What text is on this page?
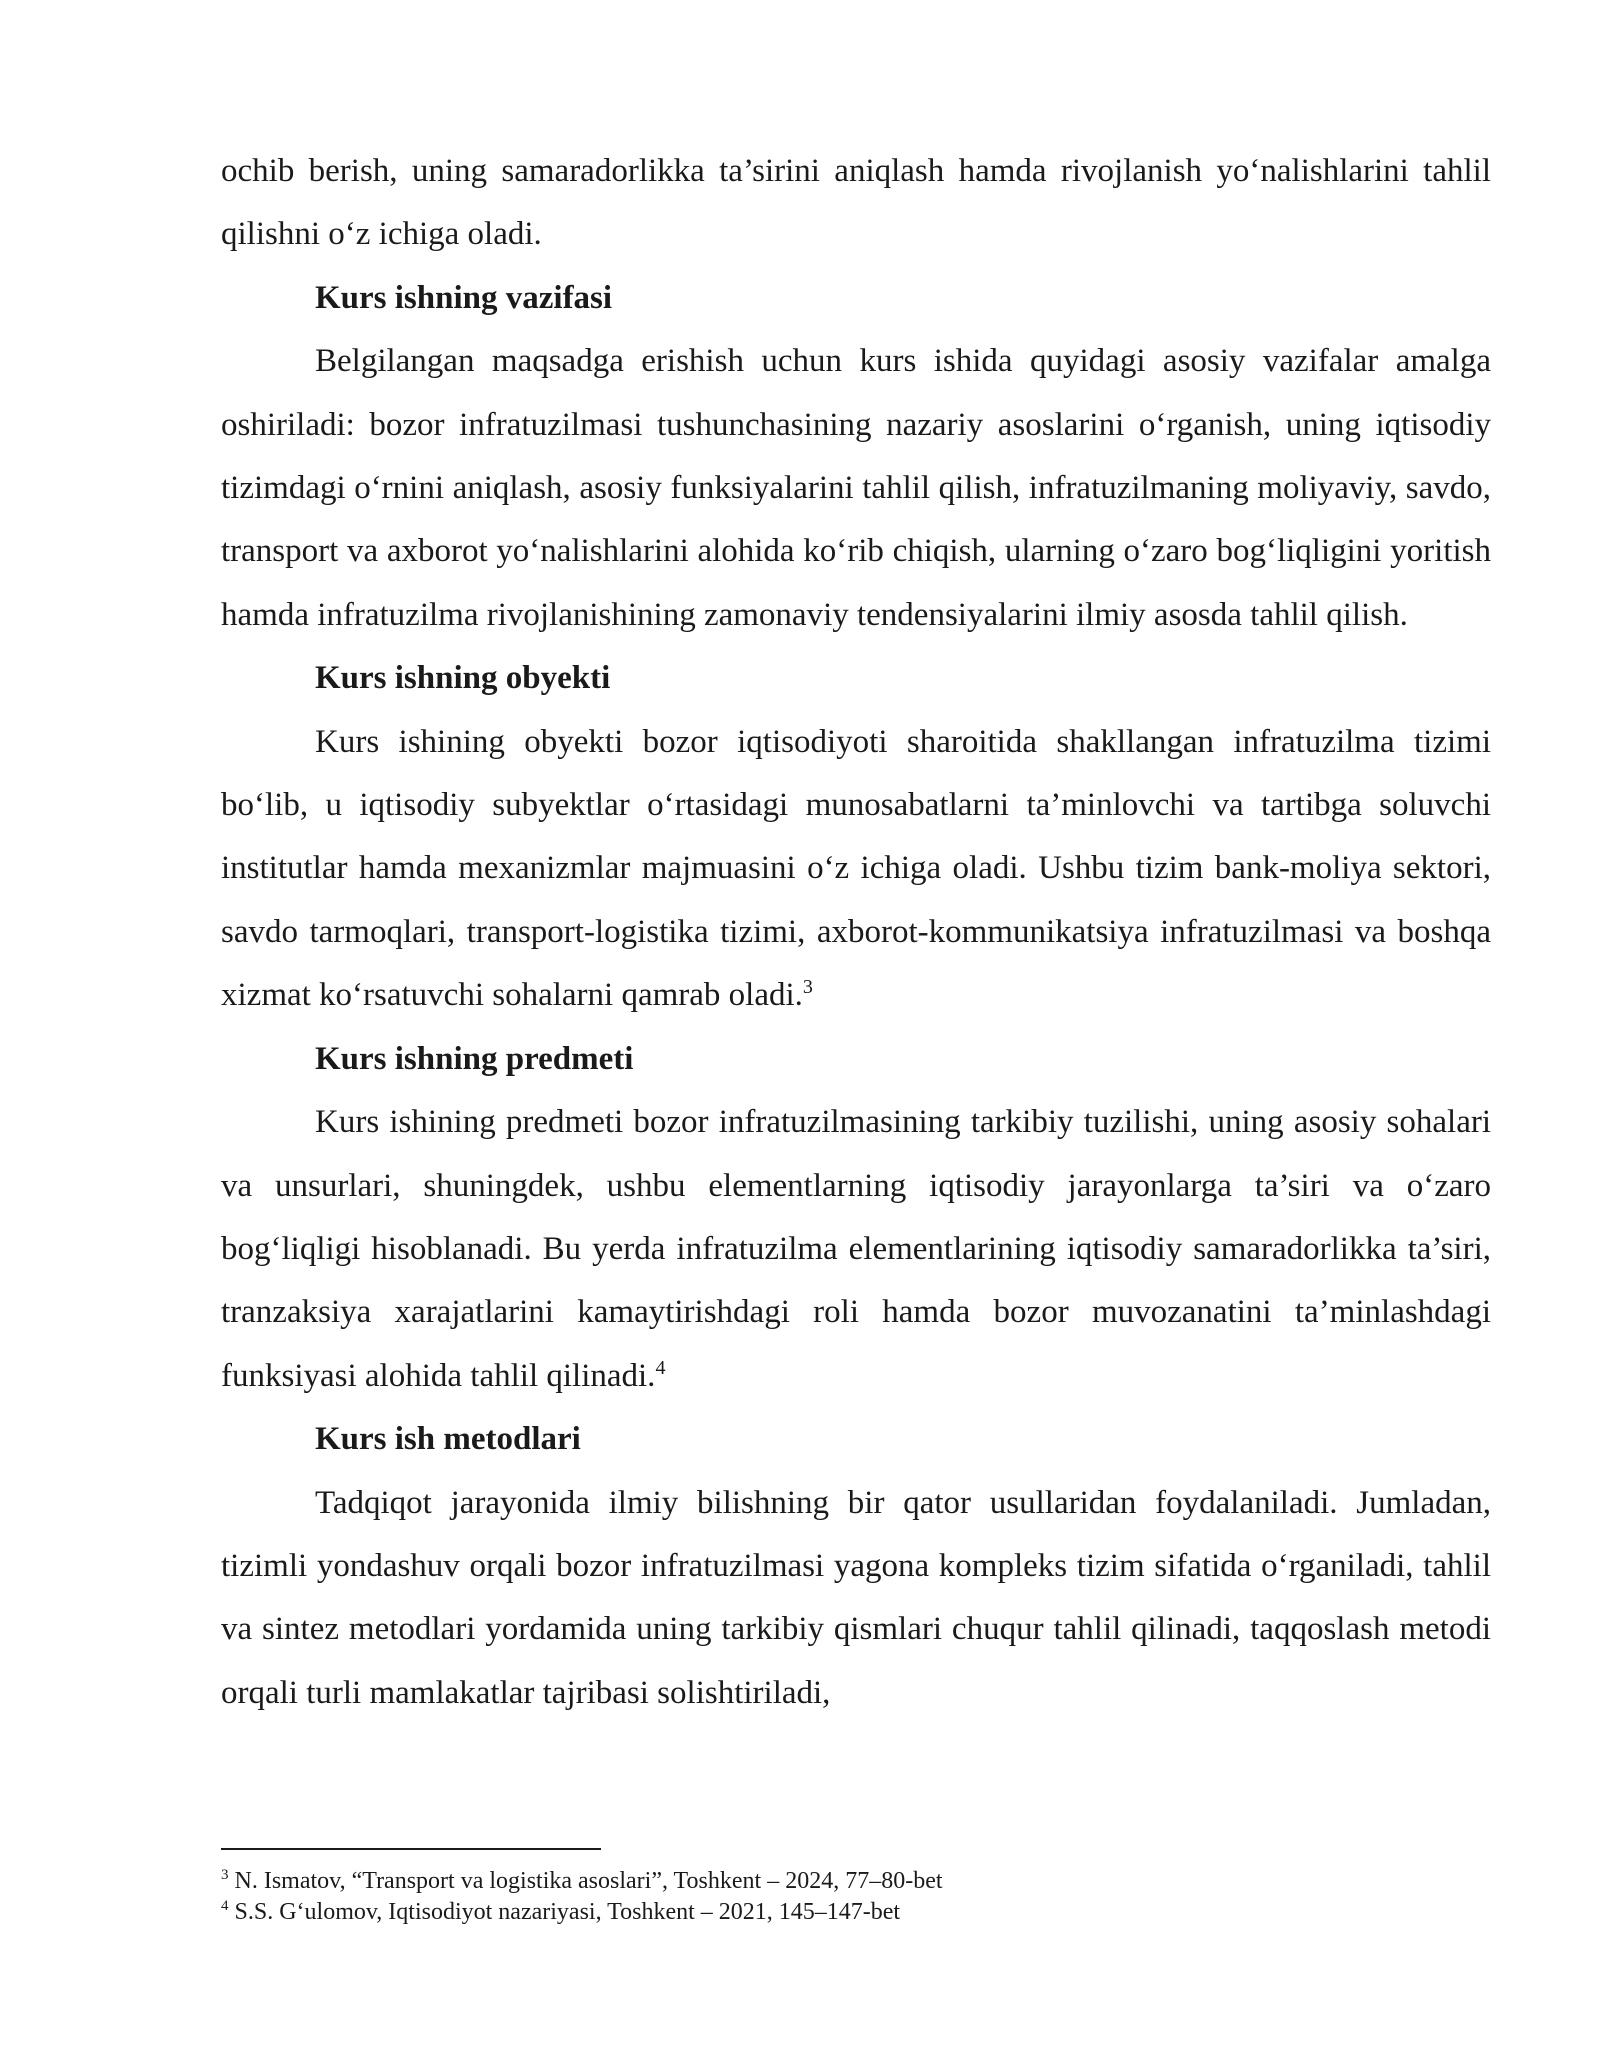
ochib berish, uning samaradorlikka ta’sirini aniqlash hamda rivojlanish yo‘nalishlarini tahlil qilishni o‘z ichiga oladi.

Kurs ishning vazifasi

Belgilangan maqsadga erishish uchun kurs ishida quyidagi asosiy vazifalar amalga oshiriladi: bozor infratuzilmasi tushunchasining nazariy asoslarini o‘rganish, uning iqtisodiy tizimdagi o‘rnini aniqlash, asosiy funksiyalarini tahlil qilish, infratuzilmaning moliyaviy, savdo, transport va axborot yo‘nalishlarini alohida ko‘rib chiqish, ularning o‘zaro bog‘liqligini yoritish hamda infratuzilma rivojlanishining zamonaviy tendensiyalarini ilmiy asosda tahlil qilish.

Kurs ishning obyekti

Kurs ishining obyekti bozor iqtisodiyoti sharoitida shakllangan infratuzilma tizimi bo‘lib, u iqtisodiy subyektlar o‘rtasidagi munosabatlarni ta’minlovchi va tartibga soluvchi institutlar hamda mexanizmlar majmuasini o‘z ichiga oladi. Ushbu tizim bank-moliya sektori, savdo tarmoqlari, transport-logistika tizimi, axborot-kommunikatsiya infratuzilmasi va boshqa xizmat ko‘rsatuvchi sohalarni qamrab oladi.$^3$

Kurs ishning predmeti

Kurs ishining predmeti bozor infratuzilmasining tarkibiy tuzilishi, uning asosiy sohalari va unsurlari, shuningdek, ushbu elementlarning iqtisodiy jarayonlarga ta’siri va o‘zaro bog‘liqligi hisoblanadi. Bu yerda infratuzilma elementlarining iqtisodiy samaradorlikka ta’siri, tranzaksiya xarajatlarini kamaytirishdagi roli hamda bozor muvozanatini ta’minlashdagi funksiyasi alohida tahlil qilinadi.$^4$

Kurs ish metodlari

Tadqiqot jarayonida ilmiy bilishning bir qator usullaridan foydalaniladi. Jumladan, tizimli yondashuv orqali bozor infratuzilmasi yagona kompleks tizim sifatida o‘rganiladi, tahlil va sintez metodlari yordamida uning tarkibiy qismlari chuqur tahlil qilinadi, taqqoslash metodi orqali turli mamlakatlar tajribasi solishtiriladi,

$^3$ N. Ismatov, “Transport va logistika asoslari”, Toshkent – 2024, 77–80-bet

$^4$ S.S. G‘ulomov, Iqtisodiyot nazariyasi, Toshkent – 2021, 145–147-bet
